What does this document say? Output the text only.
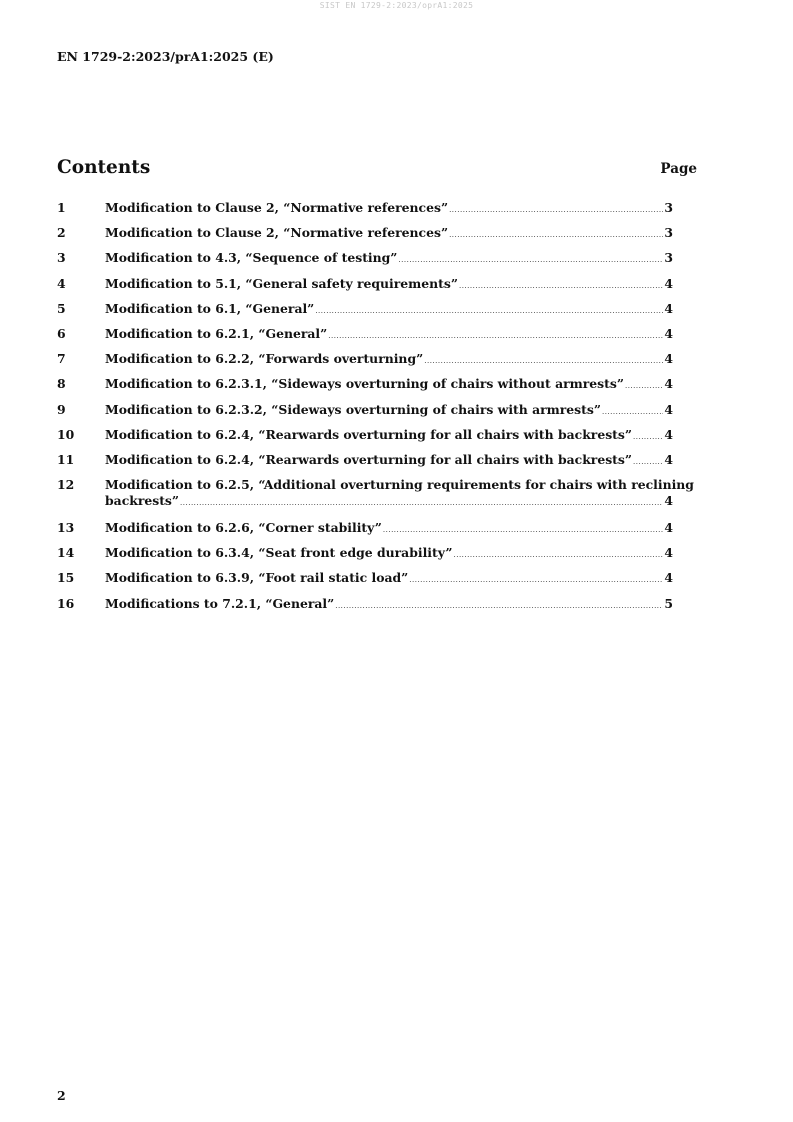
SIST EN 1729-2:2023/oprA1:2025
EN 1729-2:2023/prA1:2025 (E)
Contents	Page
1	Modification to Clause 2, “Normative references” .....	3
2	Modification to Clause 2, “Normative references” .....	3
3	Modification to 4.3, “Sequence of testing” .....	3
4	Modification to 5.1, “General safety requirements” .....	4
5	Modification to 6.1, “General” .....	4
6	Modification to 6.2.1, “General” .....	4
7	Modification to 6.2.2, “Forwards overturning” .....	4
8	Modification to 6.2.3.1, “Sideways overturning of chairs without armrests” .....	4
9	Modification to 6.2.3.2, “Sideways overturning of chairs with armrests” .....	4
10	Modification to 6.2.4, “Rearwards overturning for all chairs with backrests” .....	4
11	Modification to 6.2.4, “Rearwards overturning for all chairs with backrests” .....	4
12	Modification to 6.2.5, “Additional overturning requirements for chairs with reclining
backrests” .....	4
13	Modification to 6.2.6, “Corner stability” .....	4
14	Modification to 6.3.4, “Seat front edge durability” .....	4
15	Modification to 6.3.9, “Foot rail static load” .....	4
16	Modifications to 7.2.1, “General” .....	5
2
